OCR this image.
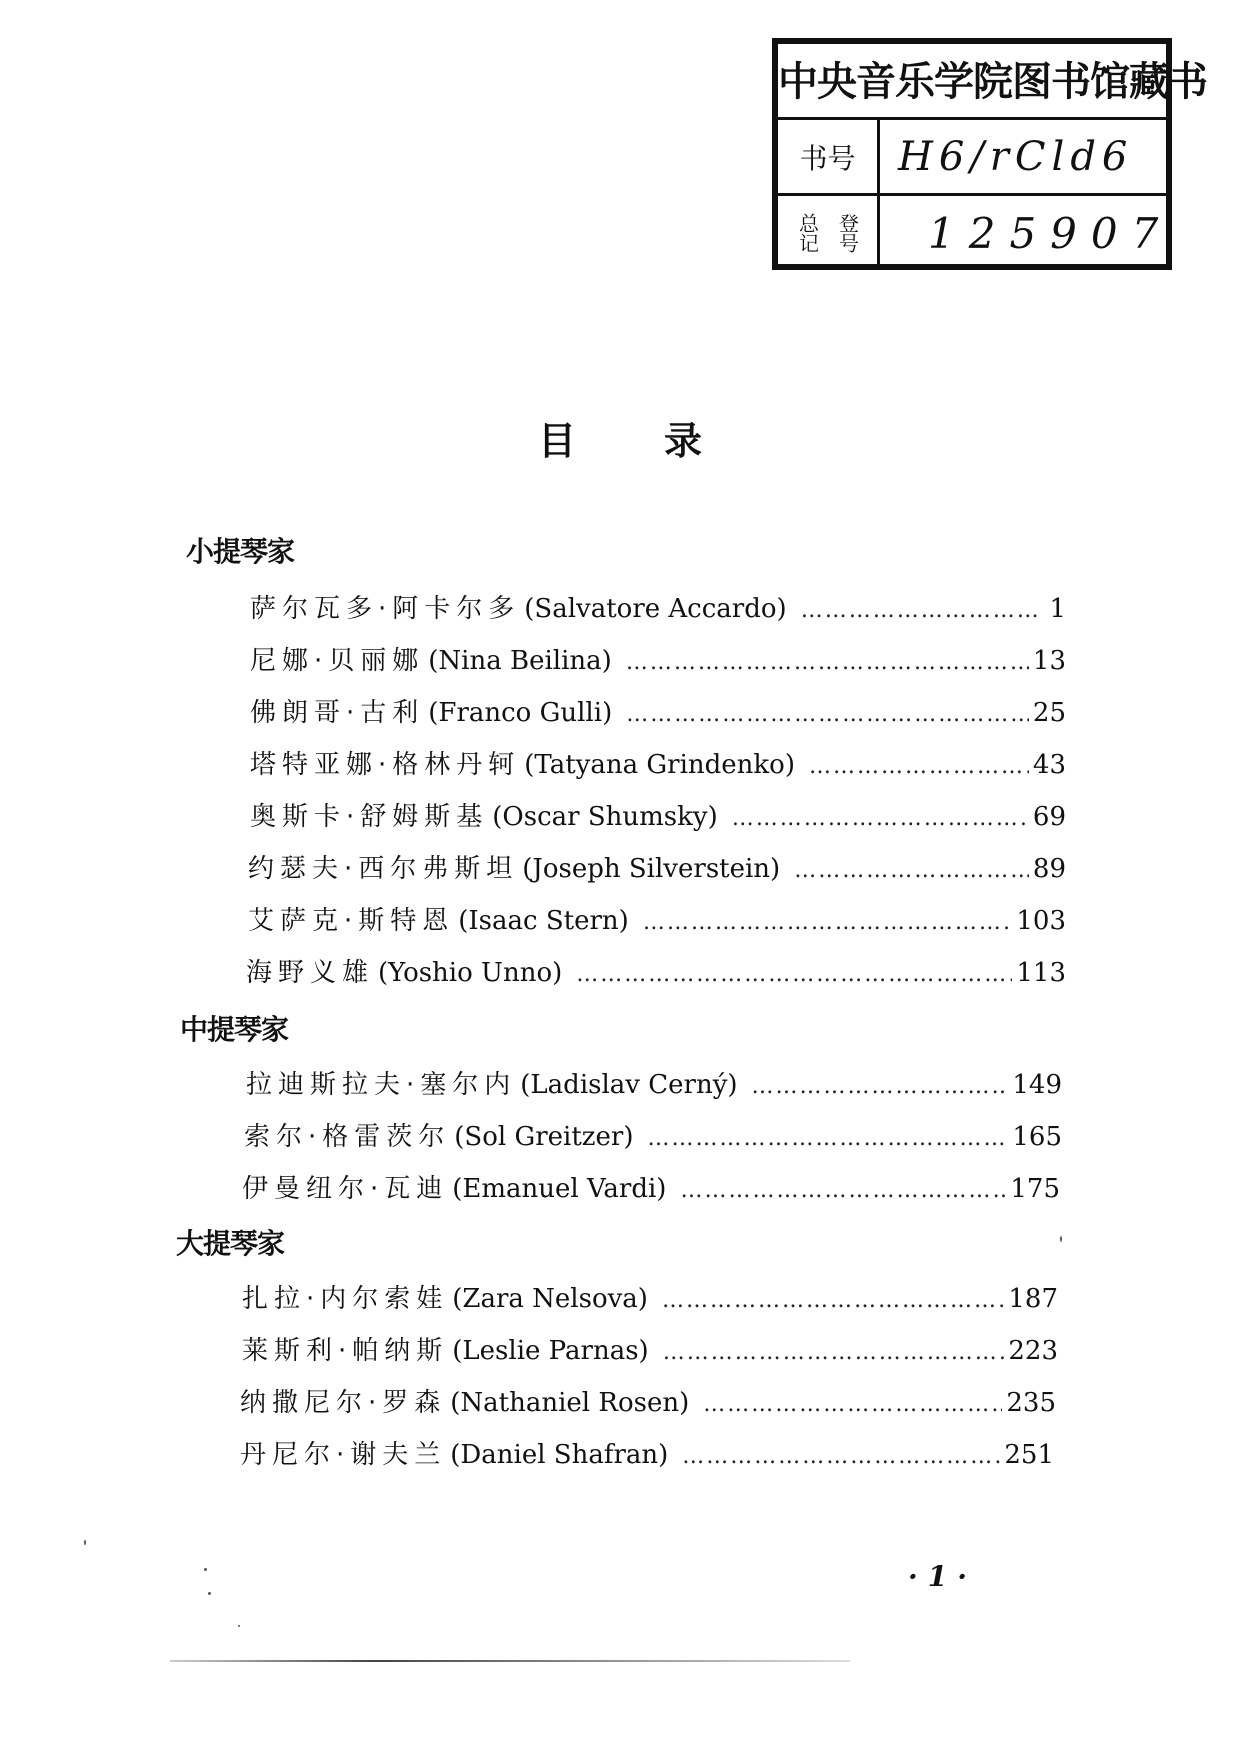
中央音乐学院图书馆藏书
书号	H6/rCld6
总记 登号	125907
目录
小提琴家
萨尔瓦多·阿卡尔多 (Salvatore Accardo) …………………………………………………………………………………………………………	1
尼娜·贝丽娜 (Nina Beilina) …………………………………………………………………………………………………………	13
佛朗哥·古利 (Franco Gulli) …………………………………………………………………………………………………………	25
塔特亚娜·格林丹轲 (Tatyana Grindenko) …………………………………………………………………………………………………………	43
奥斯卡·舒姆斯基 (Oscar Shumsky) …………………………………………………………………………………………………………	69
约瑟夫·西尔弗斯坦 (Joseph Silverstein) …………………………………………………………………………………………………………	89
艾萨克·斯特恩 (Isaac Stern) …………………………………………………………………………………………………………	103
海野义雄 (Yoshio Unno) …………………………………………………………………………………………………………	113
中提琴家
拉迪斯拉夫·塞尔内 (Ladislav Cerný) …………………………………………………………………………………………………………	149
索尔·格雷茨尔 (Sol Greitzer) …………………………………………………………………………………………………………	165
伊曼纽尔·瓦迪 (Emanuel Vardi) …………………………………………………………………………………………………………	175
大提琴家
扎拉·内尔索娃 (Zara Nelsova) …………………………………………………………………………………………………………	187
莱斯利·帕纳斯 (Leslie Parnas) …………………………………………………………………………………………………………	223
纳撒尼尔·罗森 (Nathaniel Rosen) …………………………………………………………………………………………………………	235
丹尼尔·谢夫兰 (Daniel Shafran) …………………………………………………………………………………………………………	251
·1·
